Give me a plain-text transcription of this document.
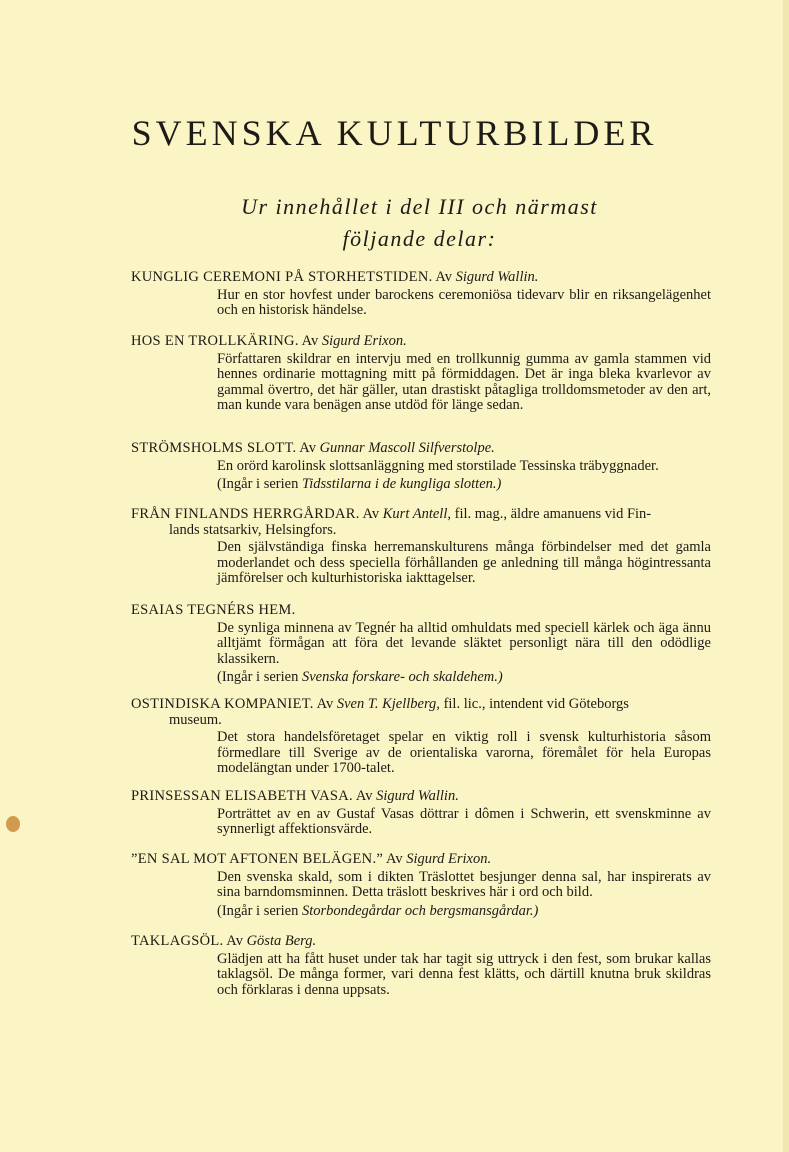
SVENSKA KULTURBILDER
Ur innehållet i del III och närmast
följande delar:

KUNGLIG CEREMONI PÅ STORHETSTIDEN. Av Sigurd Wallin.

Hur en stor hovfest under barockens ceremoniösa tidevarv blir en riksangelägenhet och en historisk händelse.

HOS EN TROLLKÄRING. Av Sigurd Erixon.

Författaren skildrar en intervju med en trollkunnig gumma av gamla stammen vid hennes ordinarie mottagning mitt på förmiddagen. Det är inga bleka kvarlevor av gammal övertro, det här gäller, utan drastiskt påtagliga trolldomsmetoder av den art, man kunde vara benägen anse utdöd för länge sedan.

STRÖMSHOLMS SLOTT. Av Gunnar Mascoll Silfverstolpe.

En orörd karolinsk slottsanläggning med storstilade Tessinska träbyggnader.
(Ingår i serien Tidsstilarna i de kungliga slotten.)

FRÅN FINLANDS HERRGÅRDAR. Av Kurt Antell, fil. mag., äldre amanuens vid Fin-

lands statsarkiv, Helsingfors.
Den självständiga finska herremanskulturens många förbindelser med det gamla moderlandet och dess speciella förhållanden ge anledning till många högintressanta jämförelser och kulturhistoriska iakttagelser.

ESAIAS TEGNÉRS HEM.

De synliga minnena av Tegnér ha alltid omhuldats med speciell kärlek och äga ännu alltjämt förmågan att föra det levande släktet personligt nära till den odödlige klassikern.
(Ingår i serien Svenska forskare- och skaldehem.)

OSTINDISKA KOMPANIET. Av Sven T. Kjellberg, fil. lic., intendent vid Göteborgs

museum.
Det stora handelsföretaget spelar en viktig roll i svensk kulturhistoria såsom förmedlare till Sverige av de orientaliska varorna, föremålet för hela Europas modelängtan under 1700-talet.

PRINSESSAN ELISABETH VASA. Av Sigurd Wallin.

Porträttet av en av Gustaf Vasas döttrar i dômen i Schwerin, ett svenskminne av synnerligt affektionsvärde.

”EN SAL MOT AFTONEN BELÄGEN.” Av Sigurd Erixon.

Den svenska skald, som i dikten Träslottet besjunger denna sal, har inspirerats av sina barndomsminnen. Detta träslott beskrives här i ord och bild.
(Ingår i serien Storbondegårdar och bergsmansgårdar.)

TAKLAGSÖL. Av Gösta Berg.

Glädjen att ha fått huset under tak har tagit sig uttryck i den fest, som brukar kallas taklagsöl. De många former, vari denna fest klätts, och därtill knutna bruk skildras och förklaras i denna uppsats.
